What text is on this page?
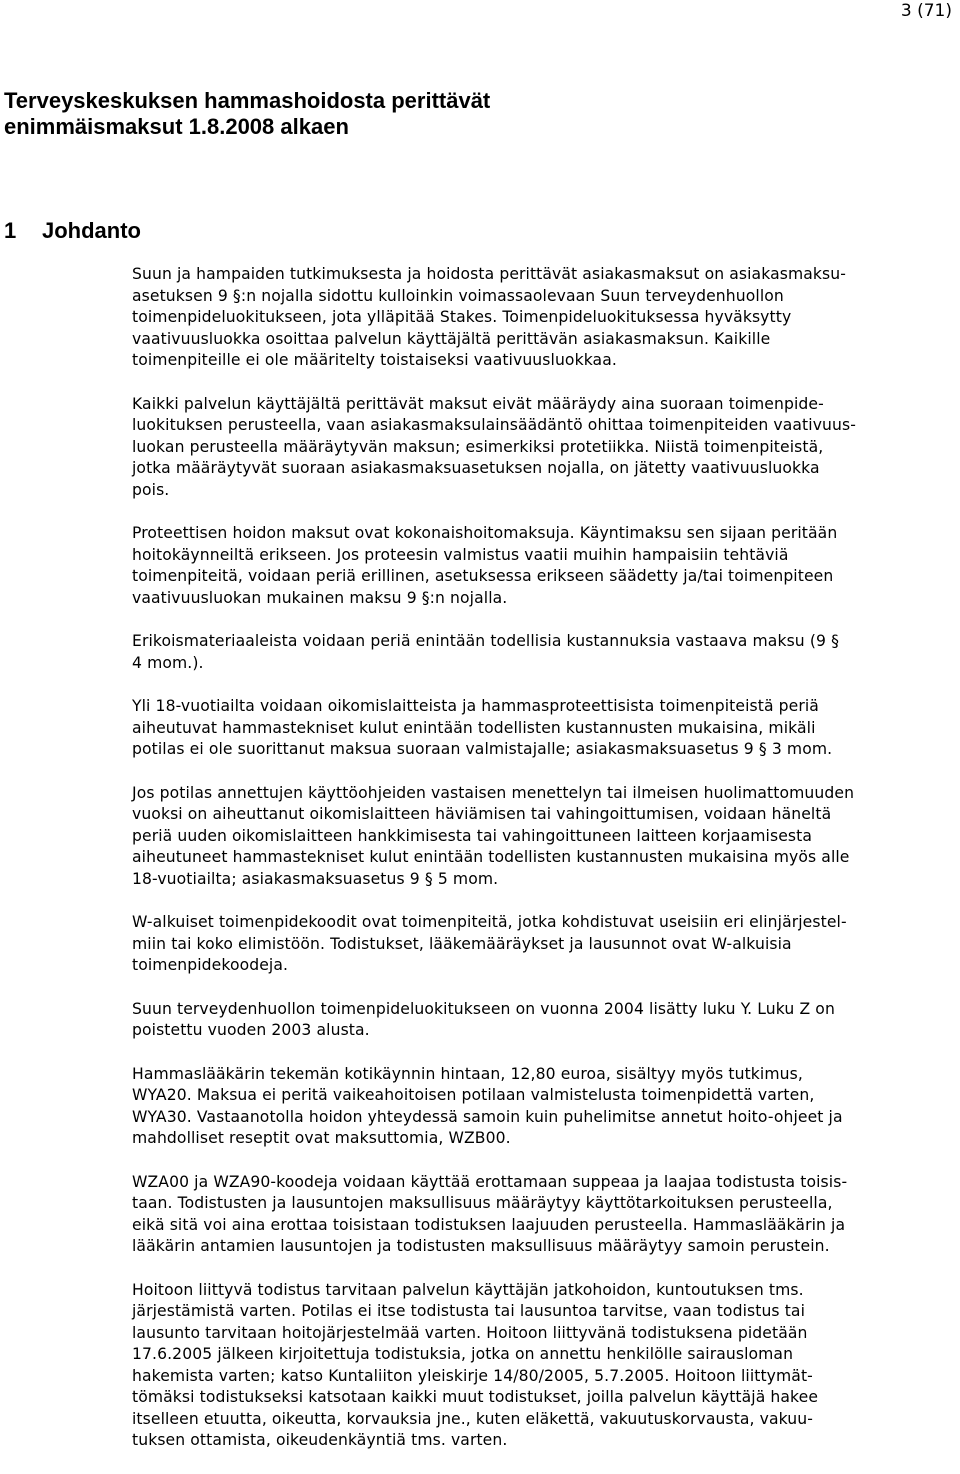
3 (71)
Terveyskeskuksen hammashoidosta perittävät
enimmäismaksut 1.8.2008 alkaen
1 Johdanto

Suun ja hampaiden tutkimuksesta ja hoidosta perittävät asiakasmaksut on asiakasmaksu-
asetuksen 9 §:n nojalla sidottu kulloinkin voimassaolevaan Suun terveydenhuollon
toimenpideluokitukseen, jota ylläpitää Stakes. Toimenpideluokituksessa hyväksytty
vaativuusluokka osoittaa palvelun käyttäjältä perittävän asiakasmaksun. Kaikille
toimenpiteille ei ole määritelty toistaiseksi vaativuusluokkaa.

Kaikki palvelun käyttäjältä perittävät maksut eivät määräydy aina suoraan toimenpide-
luokituksen perusteella, vaan asiakasmaksulainsäädäntö ohittaa toimenpiteiden vaativuus-
luokan perusteella määräytyvän maksun; esimerkiksi protetiikka. Niistä toimenpiteistä,
jotka määräytyvät suoraan asiakasmaksuasetuksen nojalla, on jätetty vaativuusluokka
pois.

Proteettisen hoidon maksut ovat kokonaishoitomaksuja. Käyntimaksu sen sijaan peritään
hoitokäynneiltä erikseen. Jos proteesin valmistus vaatii muihin hampaisiin tehtäviä
toimenpiteitä, voidaan periä erillinen, asetuksessa erikseen säädetty ja/tai toimenpiteen
vaativuusluokan mukainen maksu 9 §:n nojalla.

Erikoismateriaaleista voidaan periä enintään todellisia kustannuksia vastaava maksu (9 §
4 mom.).

Yli 18-vuotiailta voidaan oikomislaitteista ja hammasproteettisista toimenpiteistä periä
aiheutuvat hammastekniset kulut enintään todellisten kustannusten mukaisina, mikäli
potilas ei ole suorittanut maksua suoraan valmistajalle; asiakasmaksuasetus 9 § 3 mom.

Jos potilas annettujen käyttöohjeiden vastaisen menettelyn tai ilmeisen huolimattomuuden
vuoksi on aiheuttanut oikomislaitteen häviämisen tai vahingoittumisen, voidaan häneltä
periä uuden oikomislaitteen hankkimisesta tai vahingoittuneen laitteen korjaamisesta
aiheutuneet hammastekniset kulut enintään todellisten kustannusten mukaisina myös alle
18-vuotiailta; asiakasmaksuasetus 9 § 5 mom.

W-alkuiset toimenpidekoodit ovat toimenpiteitä, jotka kohdistuvat useisiin eri elinjärjestel-
miin tai koko elimistöön. Todistukset, lääkemääräykset ja lausunnot ovat W-alkuisia
toimenpidekoodeja.

Suun terveydenhuollon toimenpideluokitukseen on vuonna 2004 lisätty luku Y. Luku Z on
poistettu vuoden 2003 alusta.

Hammaslääkärin tekemän kotikäynnin hintaan, 12,80 euroa, sisältyy myös tutkimus,
WYA20. Maksua ei peritä vaikeahoitoisen potilaan valmistelusta toimenpidettä varten,
WYA30. Vastaanotolla hoidon yhteydessä samoin kuin puhelimitse annetut hoito-ohjeet ja
mahdolliset reseptit ovat maksuttomia, WZB00.

WZA00 ja WZA90-koodeja voidaan käyttää erottamaan suppeaa ja laajaa todistusta toisis-
taan. Todistusten ja lausuntojen maksullisuus määräytyy käyttötarkoituksen perusteella,
eikä sitä voi aina erottaa toisistaan todistuksen laajuuden perusteella. Hammaslääkärin ja
lääkärin antamien lausuntojen ja todistusten maksullisuus määräytyy samoin perustein.

Hoitoon liittyvä todistus tarvitaan palvelun käyttäjän jatkohoidon, kuntoutuksen tms.
järjestämistä varten. Potilas ei itse todistusta tai lausuntoa tarvitse, vaan todistus tai
lausunto tarvitaan hoitojärjestelmää varten. Hoitoon liittyvänä todistuksena pidetään
17.6.2005 jälkeen kirjoitettuja todistuksia, jotka on annettu henkilölle sairausloman
hakemista varten; katso Kuntaliiton yleiskirje 14/80/2005, 5.7.2005. Hoitoon liittymät-
tömäksi todistukseksi katsotaan kaikki muut todistukset, joilla palvelun käyttäjä hakee
itselleen etuutta, oikeutta, korvauksia jne., kuten eläkettä, vakuutuskorvausta, vakuu-
tuksen ottamista, oikeudenkäyntiä tms. varten.
